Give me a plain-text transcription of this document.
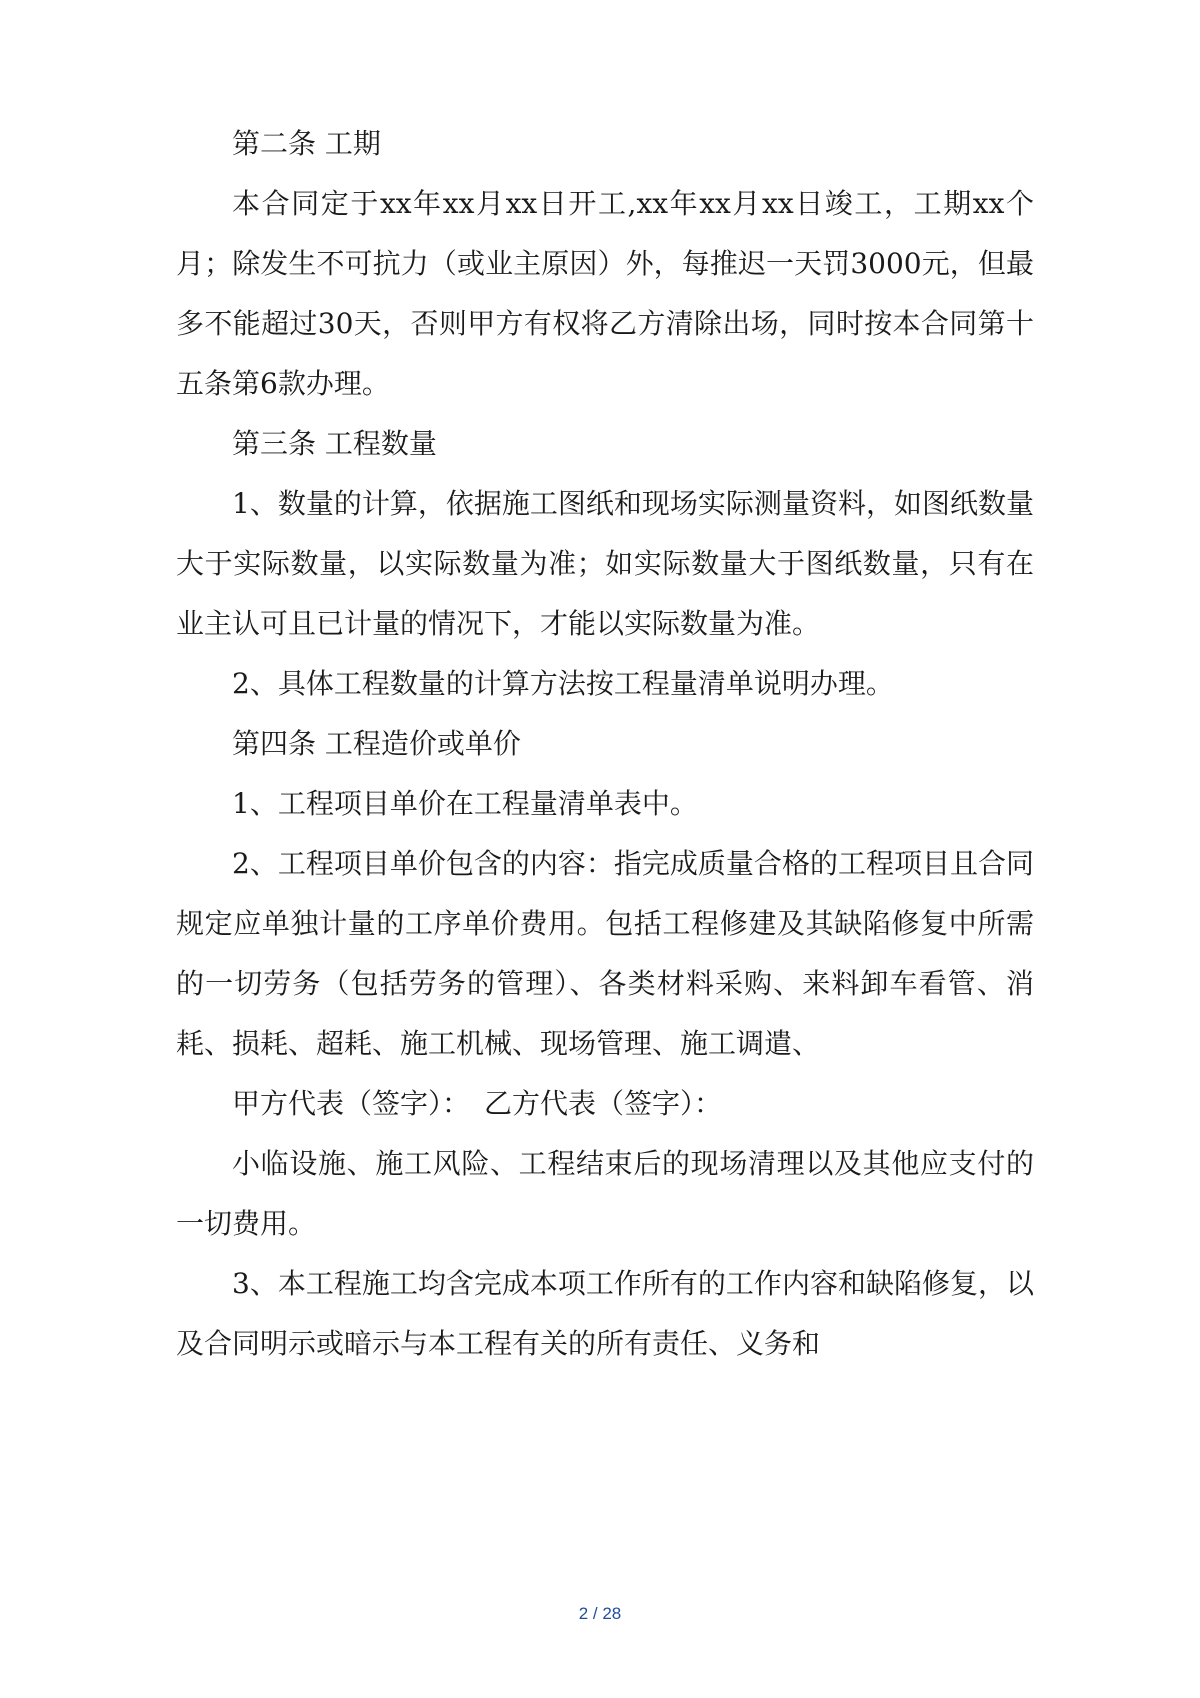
第二条 工期

本合同定于xx年xx月xx日开工,xx年xx月xx日竣工，工期xx个月；除发生不可抗力（或业主原因）外，每推迟一天罚3000元，但最多不能超过30天，否则甲方有权将乙方清除出场，同时按本合同第十五条第6款办理。

第三条 工程数量

1、数量的计算，依据施工图纸和现场实际测量资料，如图纸数量大于实际数量，以实际数量为准；如实际数量大于图纸数量，只有在业主认可且已计量的情况下，才能以实际数量为准。

2、具体工程数量的计算方法按工程量清单说明办理。

第四条 工程造价或单价

1、工程项目单价在工程量清单表中。

2、工程项目单价包含的内容：指完成质量合格的工程项目且合同规定应单独计量的工序单价费用。包括工程修建及其缺陷修复中所需的一切劳务（包括劳务的管理）、各类材料采购、来料卸车看管、消耗、损耗、超耗、施工机械、现场管理、施工调遣、

甲方代表（签字）：　乙方代表（签字）：

小临设施、施工风险、工程结束后的现场清理以及其他应支付的一切费用。

3、本工程施工均含完成本项工作所有的工作内容和缺陷修复，以及合同明示或暗示与本工程有关的所有责任、义务和

2 / 28
